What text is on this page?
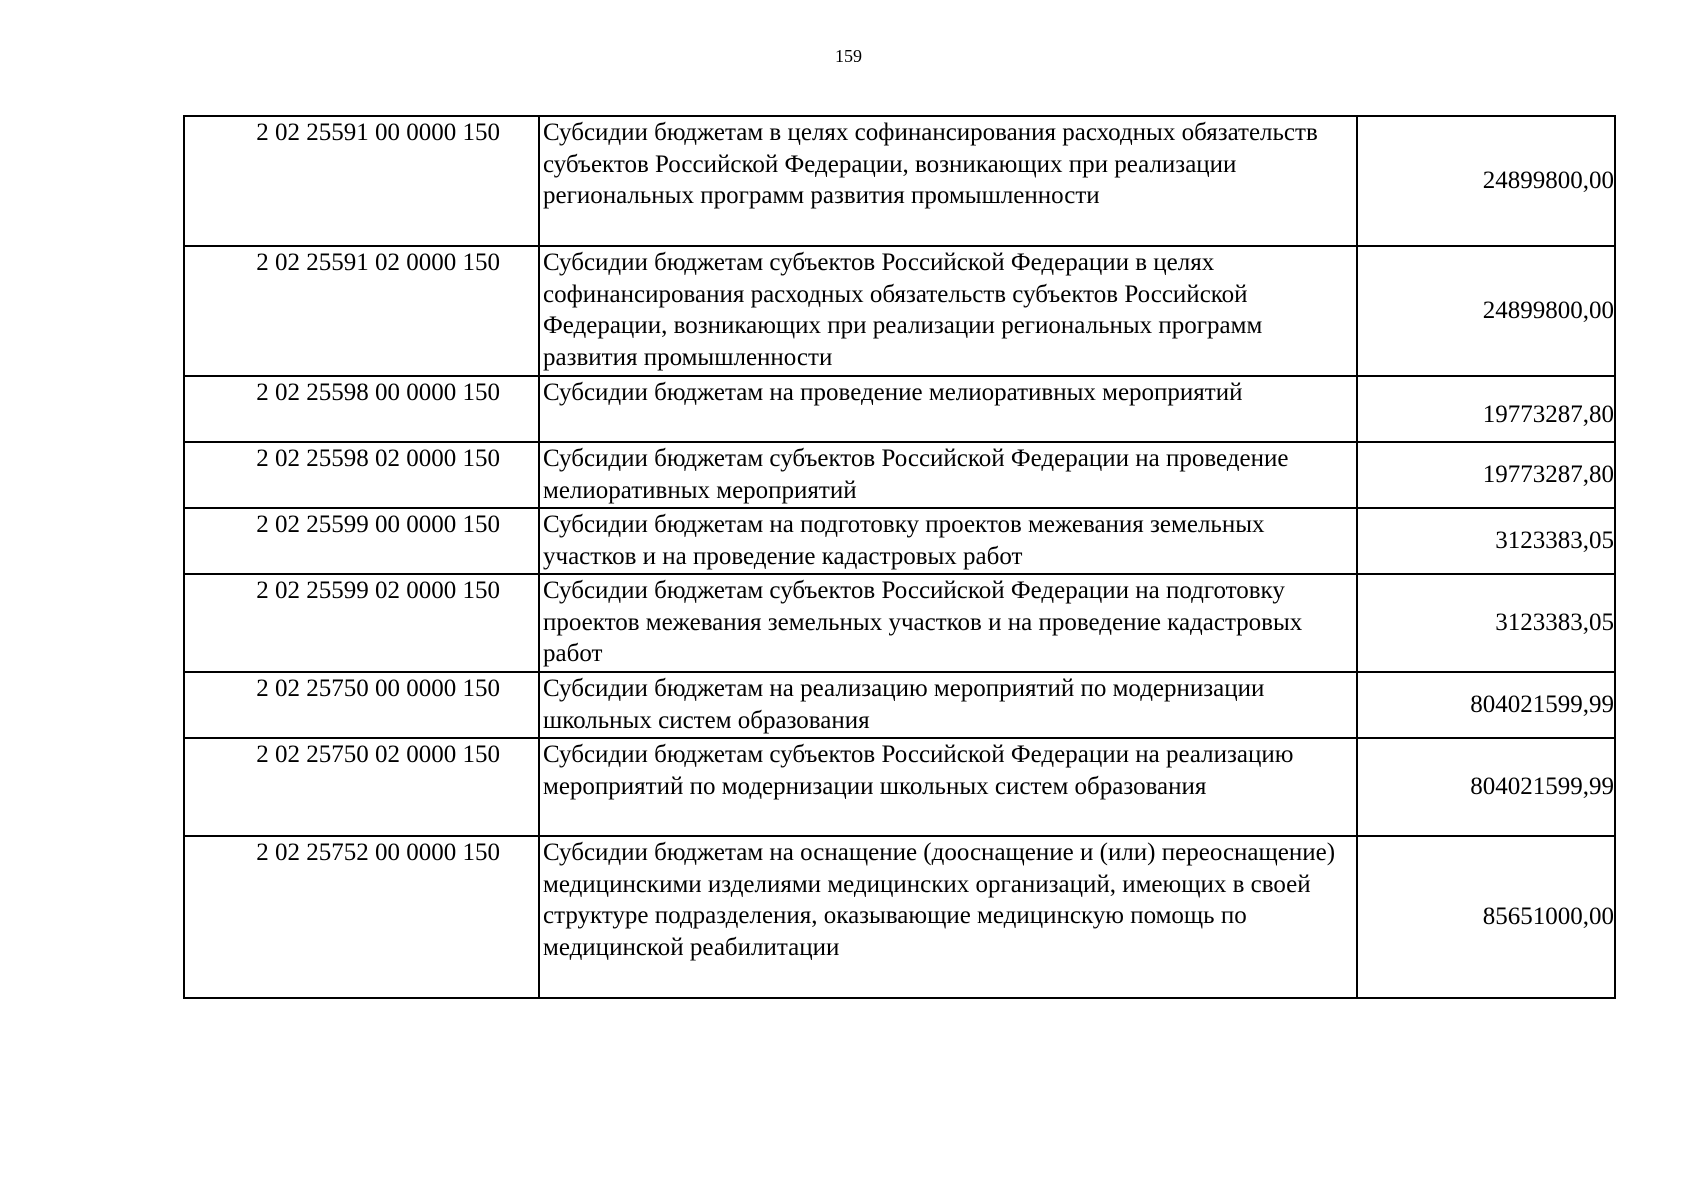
159
2 02 25591 00 0000 150	Субсидии бюджетам в целях софинансирования расходных обязательств субъектов Российской Федерации, возникающих при реализации региональных программ развития промышленности	24899800,00
2 02 25591 02 0000 150	Субсидии бюджетам субъектов Российской Федерации в целях софинансирования расходных обязательств субъектов Российской Федерации, возникающих при реализации региональных программ развития промышленности	24899800,00
2 02 25598 00 0000 150	Субсидии бюджетам на проведение мелиоративных мероприятий	19773287,80
2 02 25598 02 0000 150	Субсидии бюджетам субъектов Российской Федерации на проведение мелиоративных мероприятий	19773287,80
2 02 25599 00 0000 150	Субсидии бюджетам на подготовку проектов межевания земельных участков и на проведение кадастровых работ	3123383,05
2 02 25599 02 0000 150	Субсидии бюджетам субъектов Российской Федерации на подготовку проектов межевания земельных участков и на проведение кадастровых работ	3123383,05
2 02 25750 00 0000 150	Субсидии бюджетам на реализацию мероприятий по модернизации школьных систем образования	804021599,99
2 02 25750 02 0000 150	Субсидии бюджетам субъектов Российской Федерации на реализацию мероприятий по модернизации школьных систем образования	804021599,99
2 02 25752 00 0000 150	Субсидии бюджетам на оснащение (дооснащение и (или) переоснащение) медицинскими изделиями медицинских организаций, имеющих в своей структуре подразделения, оказывающие медицинскую помощь по медицинской реабилитации	85651000,00
